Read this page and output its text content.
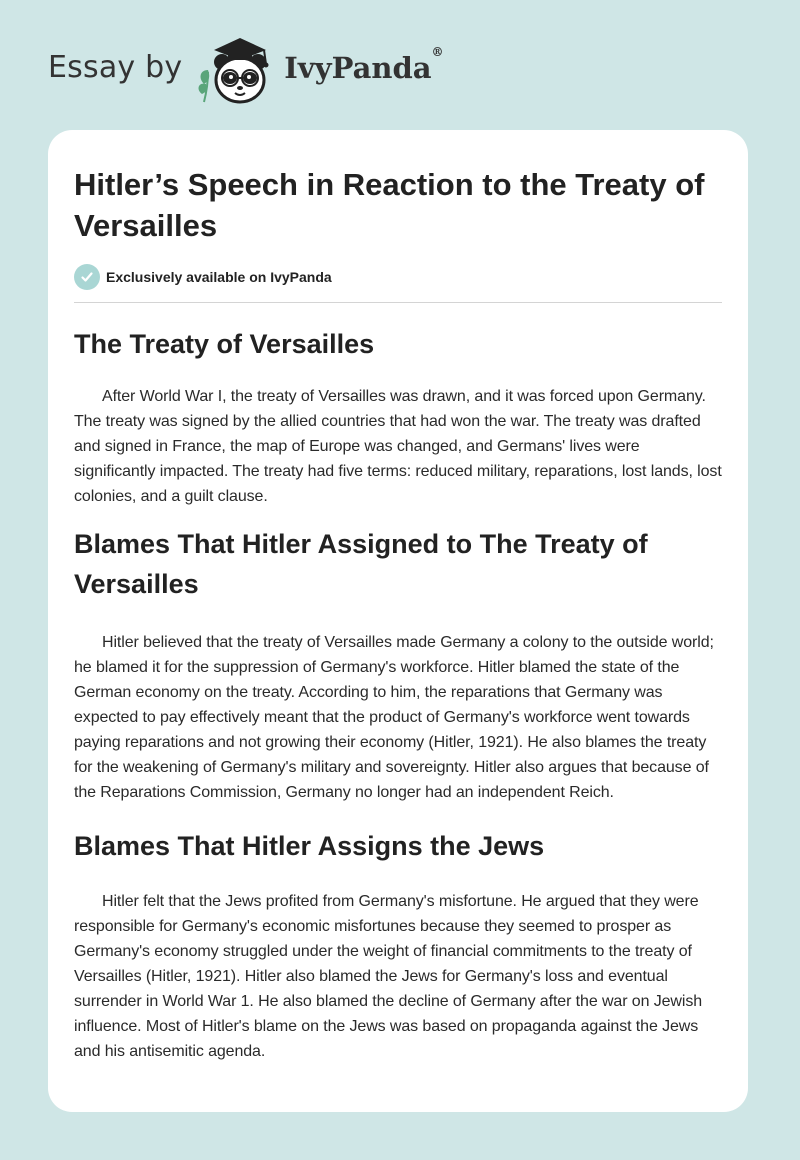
Essay by	IvyPanda®
Hitler’s Speech in Reaction to the Treaty of Versailles
Exclusively available on IvyPanda
The Treaty of Versailles

After World War I, the treaty of Versailles was drawn, and it was forced upon Germany. The treaty was signed by the allied countries that had won the war. The treaty was drafted and signed in France, the map of Europe was changed, and Germans' lives were significantly impacted. The treaty had five terms: reduced military, reparations, lost lands, lost colonies, and a guilt clause.

Blames That Hitler Assigned to The Treaty of Versailles

Hitler believed that the treaty of Versailles made Germany a colony to the outside world; he blamed it for the suppression of Germany's workforce. Hitler blamed the state of the German economy on the treaty. According to him, the reparations that Germany was expected to pay effectively meant that the product of Germany's workforce went towards paying reparations and not growing their economy (Hitler, 1921). He also blames the treaty for the weakening of Germany's military and sovereignty. Hitler also argues that because of the Reparations Commission, Germany no longer had an independent Reich.

Blames That Hitler Assigns the Jews

Hitler felt that the Jews profited from Germany's misfortune. He argued that they were responsible for Germany's economic misfortunes because they seemed to prosper as Germany's economy struggled under the weight of financial commitments to the treaty of Versailles (Hitler, 1921). Hitler also blamed the Jews for Germany's loss and eventual surrender in World War 1. He also blamed the decline of Germany after the war on Jewish influence. Most of Hitler's blame on the Jews was based on propaganda against the Jews and his antisemitic agenda.
